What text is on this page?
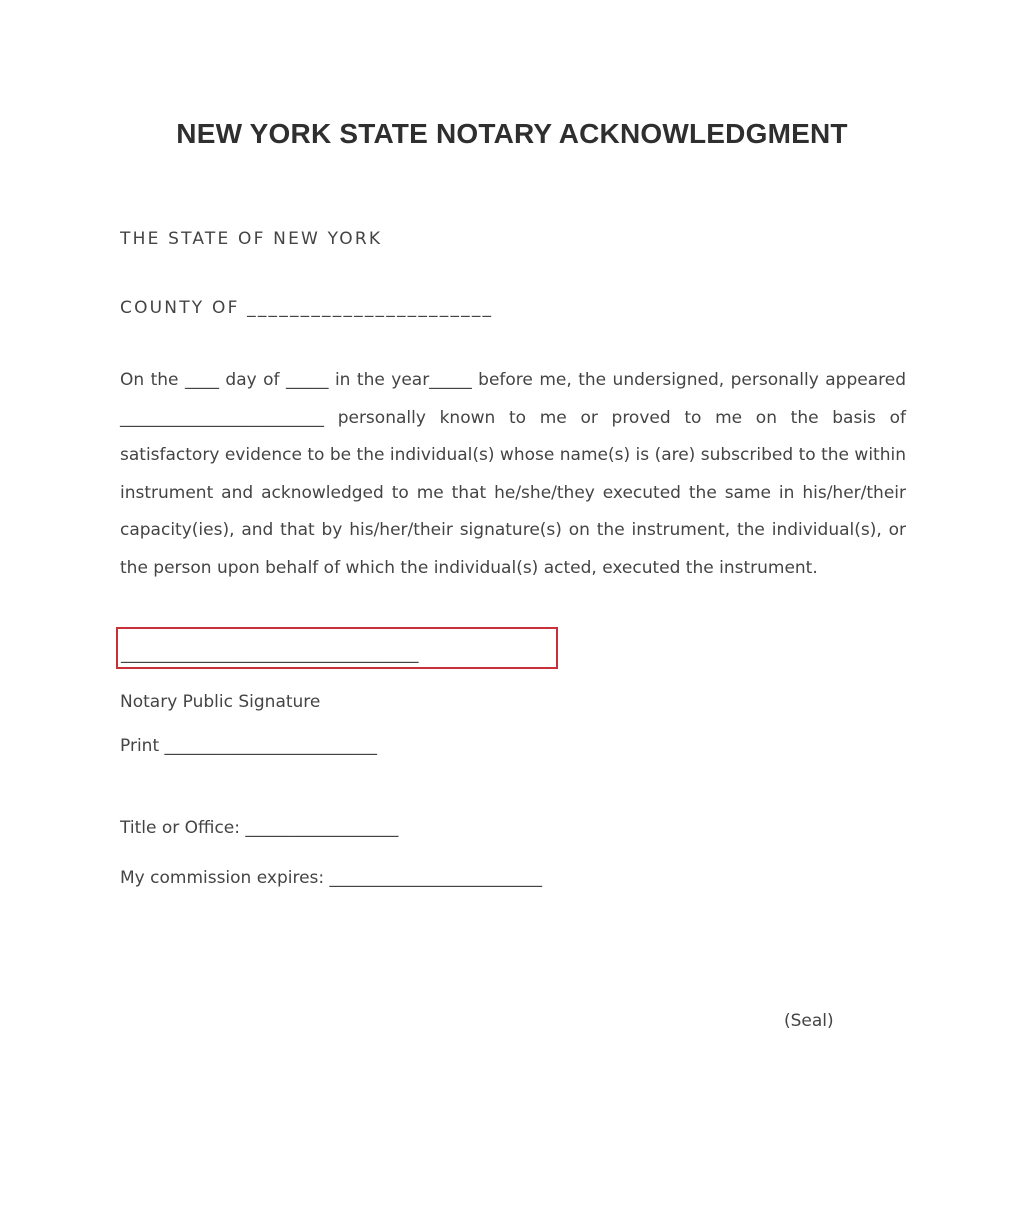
NEW YORK STATE NOTARY ACKNOWLEDGMENT
THE STATE OF NEW YORK
COUNTY OF _______________________
On the ____ day of _____ in the year_____ before me, the undersigned, personally appeared ________________________ personally known to me or proved to me on the basis of satisfactory evidence to be the individual(s) whose name(s) is (are) subscribed to the within instrument and acknowledged to me that he/she/they executed the same in his/her/their capacity(ies), and that by his/her/their signature(s) on the instrument, the individual(s), or the person upon behalf of which the individual(s) acted, executed the instrument.
___________________________________
Notary Public Signature
Print _________________________
Title or Office: __________________
My commission expires: _________________________
(Seal)
